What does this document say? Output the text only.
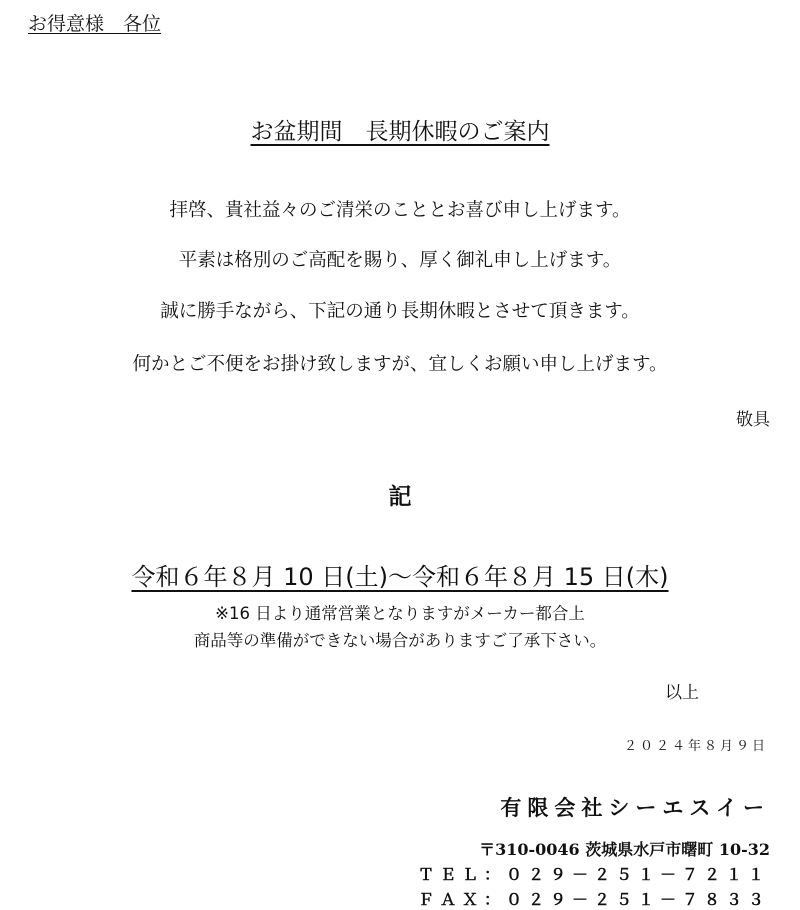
お得意様　各位
お盆期間　長期休暇のご案内
拝啓、貴社益々のご清栄のこととお喜び申し上げます。
平素は格別のご高配を賜り、厚く御礼申し上げます。
誠に勝手ながら、下記の通り長期休暇とさせて頂きます。
何かとご不便をお掛け致しますが、宜しくお願い申し上げます。
敬具
記
令和６年８月 10 日(土)～令和６年８月 15 日(木)
※16 日より通常営業となりますがメーカー都合上
商品等の準備ができない場合がありますご了承下さい。
以上
２０２４年８月９日
有限会社シーエスイー
〒310-0046 茨城県水戸市曙町 10-32
ＴＥＬ：０２９－２５１－７２１１
ＦＡＸ：０２９－２５１－７８３３
